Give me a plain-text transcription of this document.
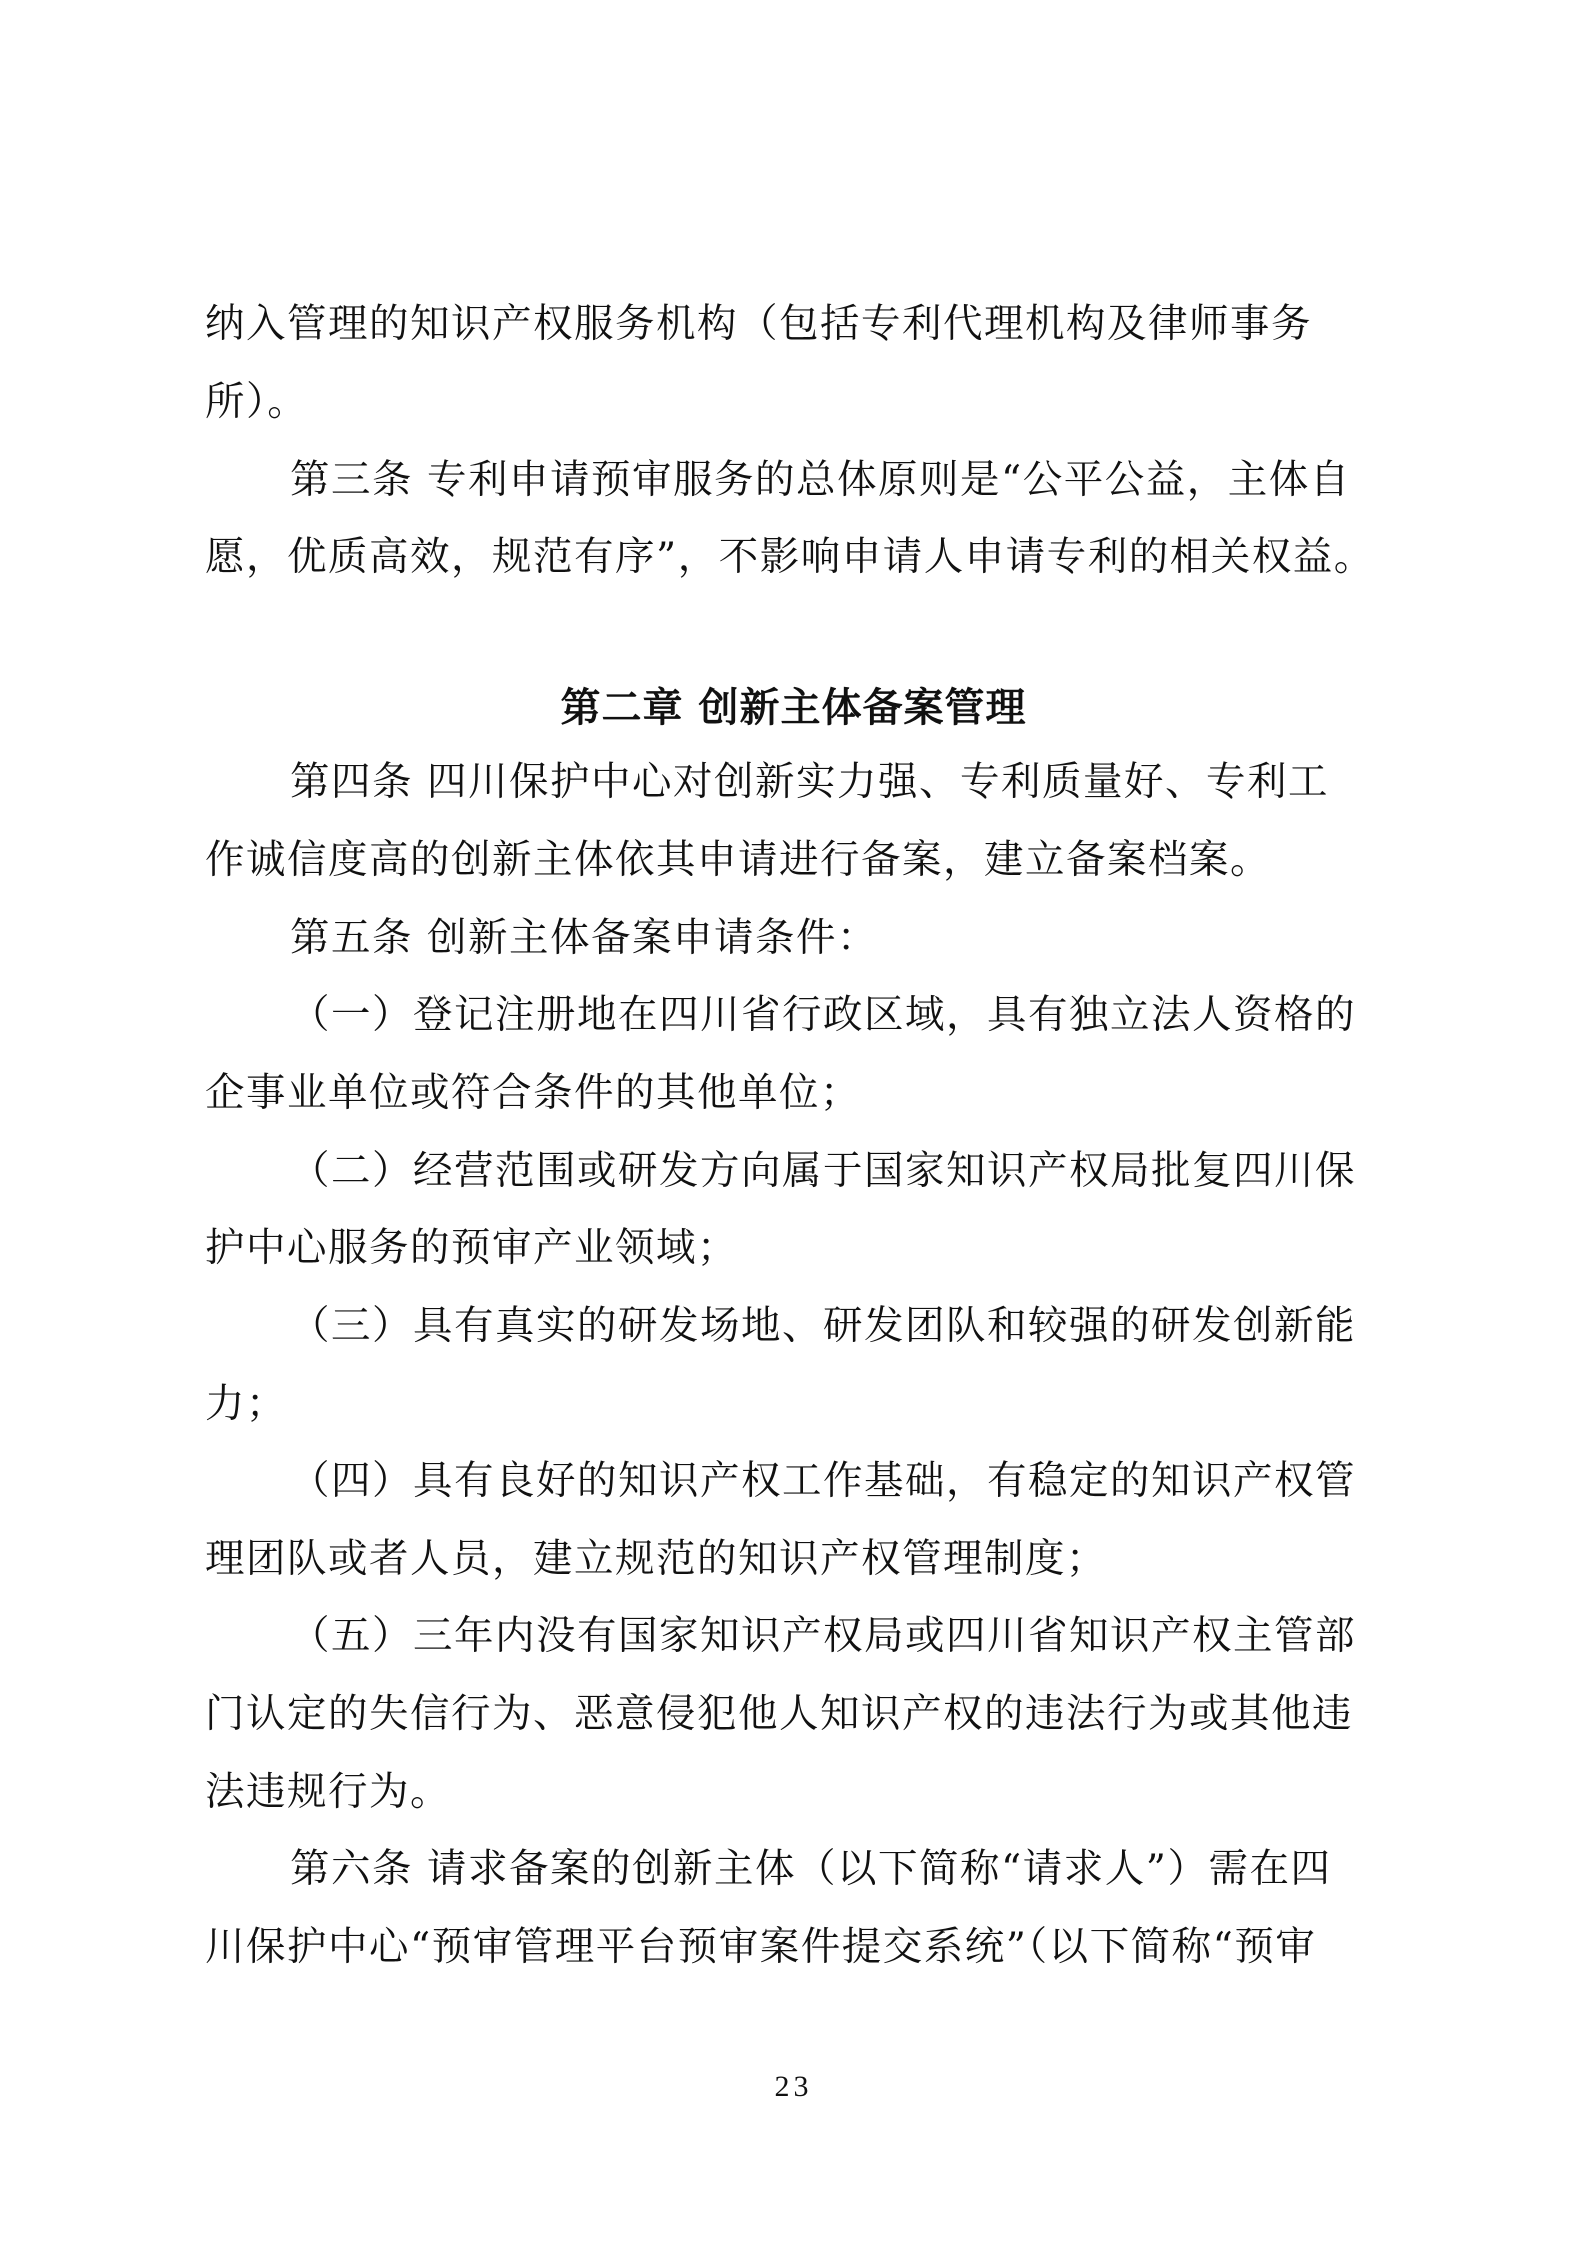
纳入管理的知识产权服务机构（包括专利代理机构及律师事务
所）。
第三条 专利申请预审服务的总体原则是“公平公益，主体自
愿，优质高效，规范有序”，不影响申请人申请专利的相关权益。
第二章 创新主体备案管理
第四条 四川保护中心对创新实力强、专利质量好、专利工
作诚信度高的创新主体依其申请进行备案，建立备案档案。
第五条 创新主体备案申请条件：
（一）登记注册地在四川省行政区域，具有独立法人资格的
企事业单位或符合条件的其他单位；
（二）经营范围或研发方向属于国家知识产权局批复四川保
护中心服务的预审产业领域；
（三）具有真实的研发场地、研发团队和较强的研发创新能
力；
（四）具有良好的知识产权工作基础，有稳定的知识产权管
理团队或者人员，建立规范的知识产权管理制度；
（五）三年内没有国家知识产权局或四川省知识产权主管部
门认定的失信行为、恶意侵犯他人知识产权的违法行为或其他违
法违规行为。
第六条 请求备案的创新主体（以下简称“请求人”）需在四
川保护中心“预审管理平台预审案件提交系统”（以下简称“预审
23
